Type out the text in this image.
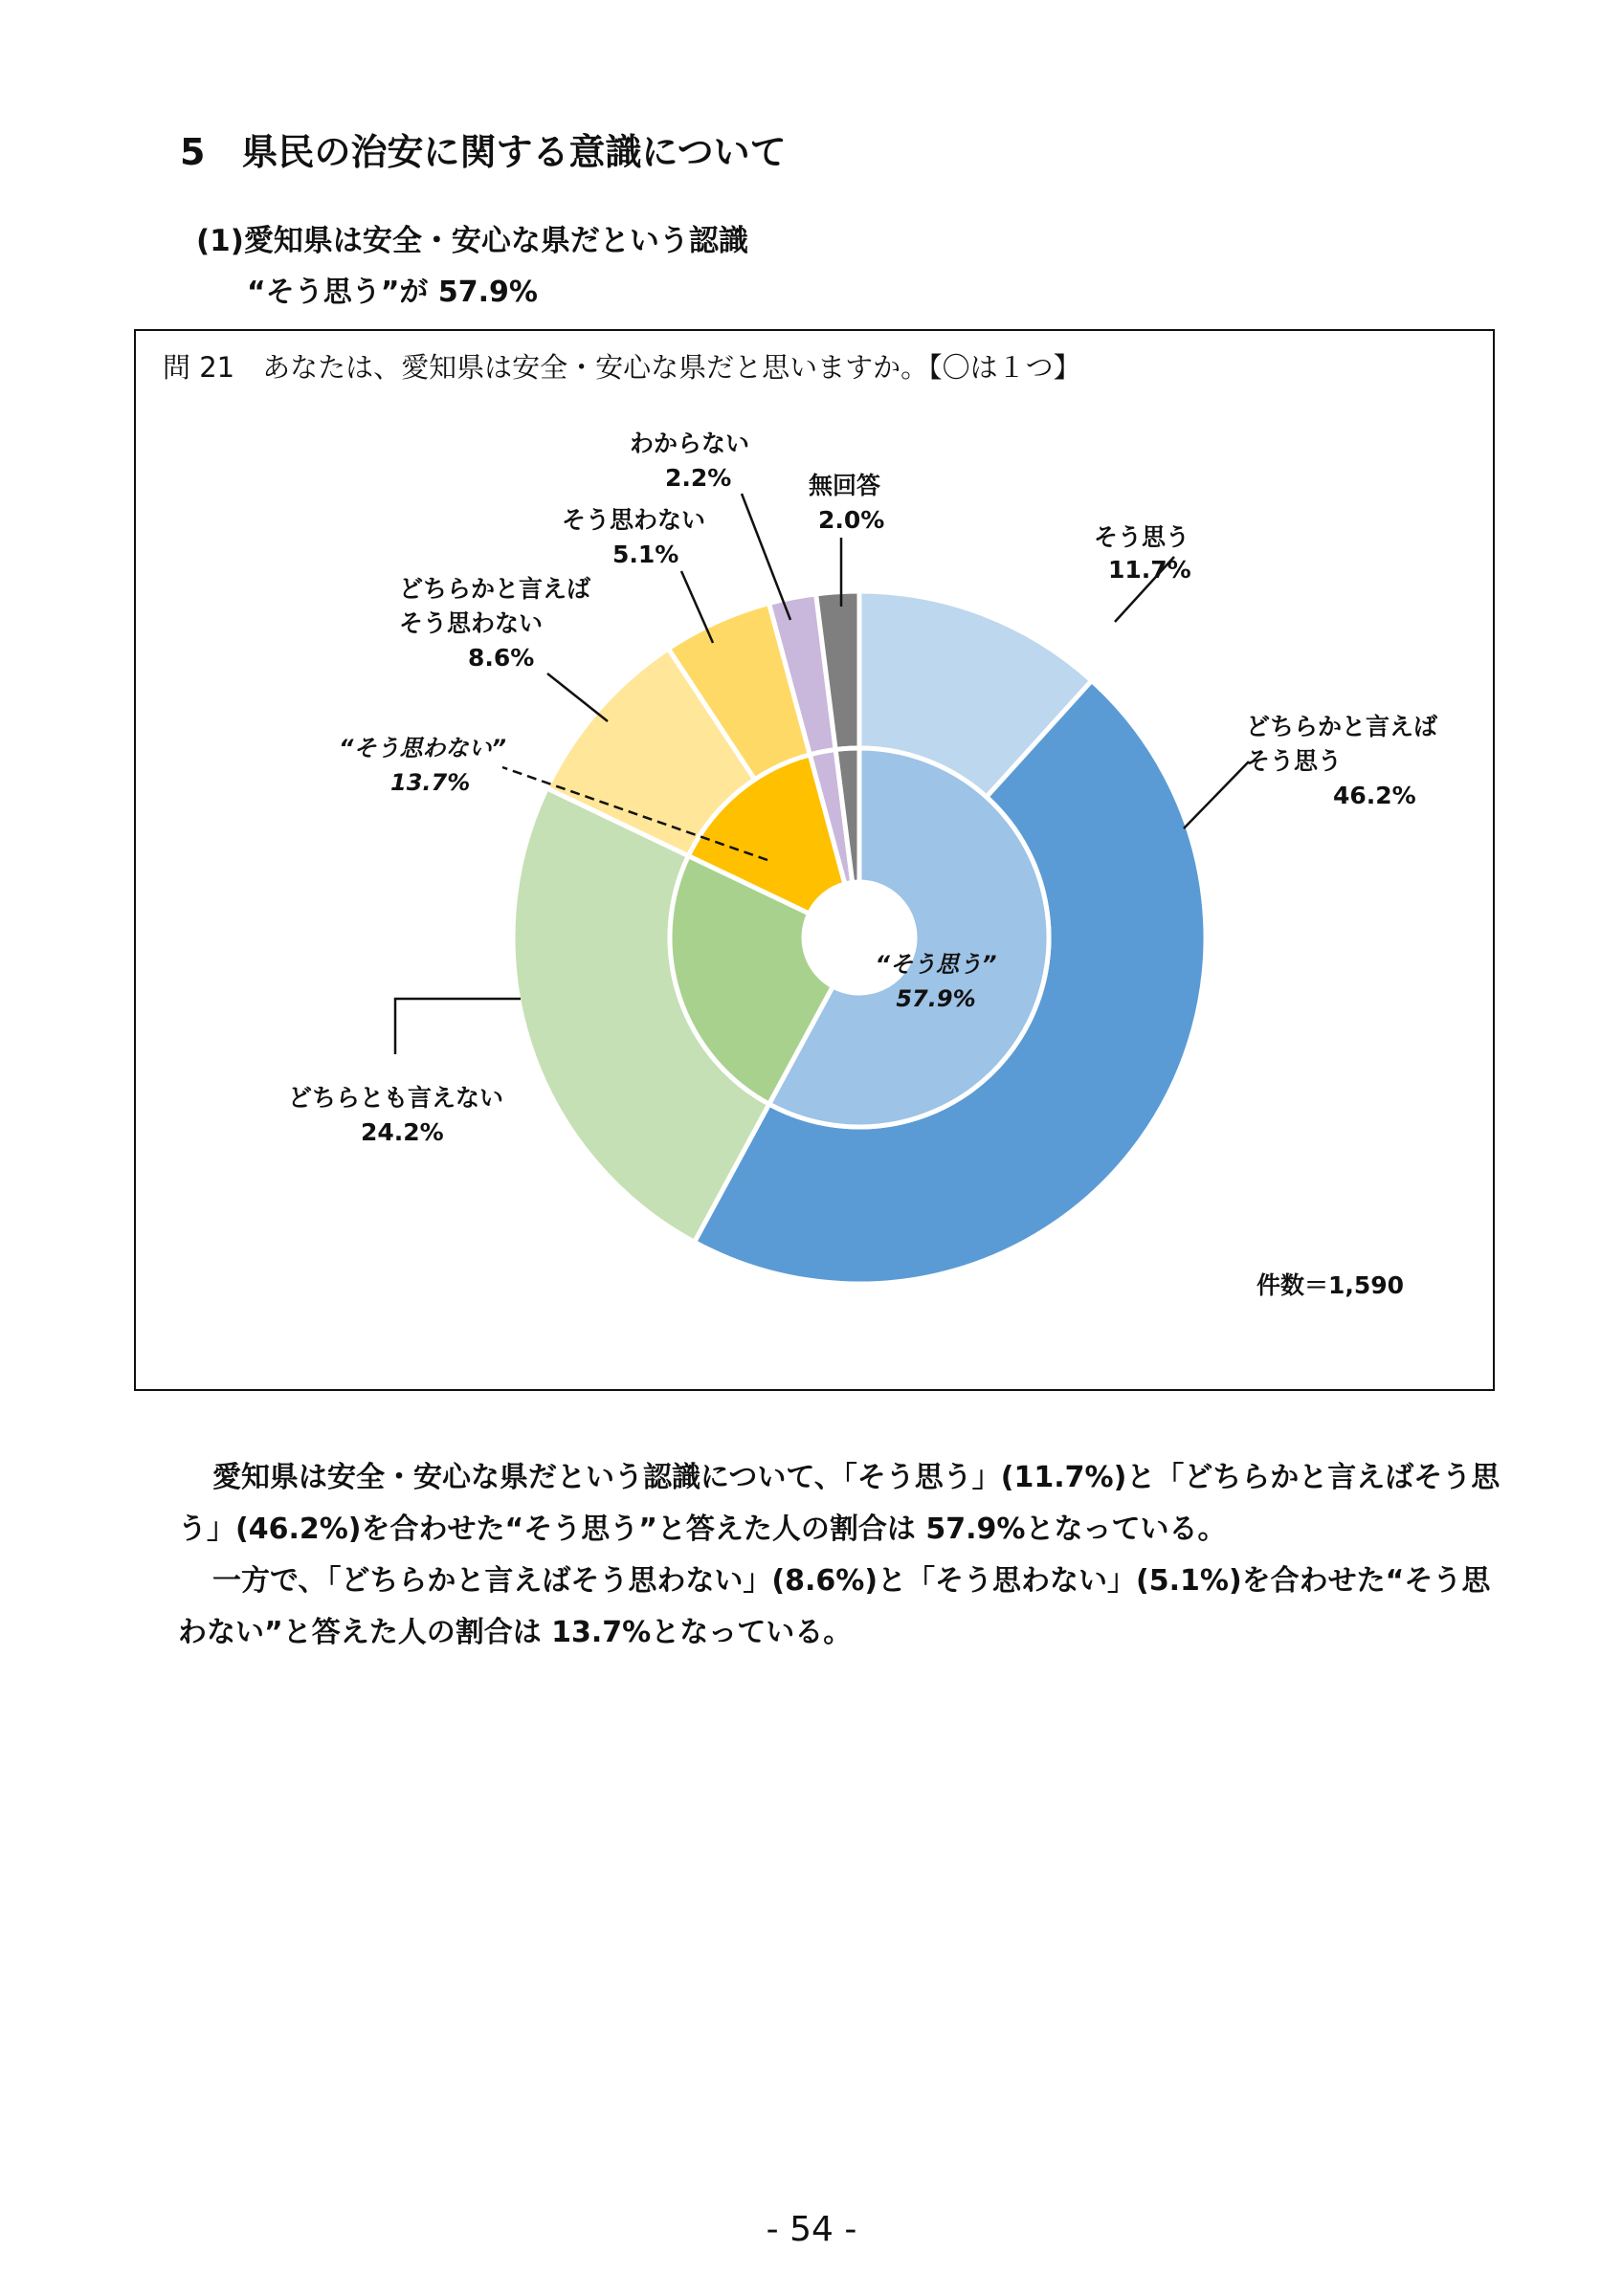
5　県民の治安に関する意識について
(1)愛知県は安全・安心な県だという認識
“そう思う”が 57.9%
問 21　あなたは、愛知県は安全・安心な県だと思いますか。【〇は１つ】
そう思う
11.7%
どちらかと言えば
そう思う
46.2%
どちらとも言えない
24.2%
どちらかと言えば
そう思わない
8.6%
そう思わない
5.1%
わからない
2.2%	無回答
2.0%
“そう思わない”
13.7%
“そう思う”
57.9%
件数＝1,590

愛知県は安全・安心な県だという認識について、「そう思う」(11.7%)と「どちらかと言えばそう思う」(46.2%)を合わせた“そう思う”と答えた人の割合は 57.9%となっている。

一方で、「どちらかと言えばそう思わない」(8.6%)と「そう思わない」(5.1%)を合わせた“そう思わない”と答えた人の割合は 13.7%となっている。

- 54 -
